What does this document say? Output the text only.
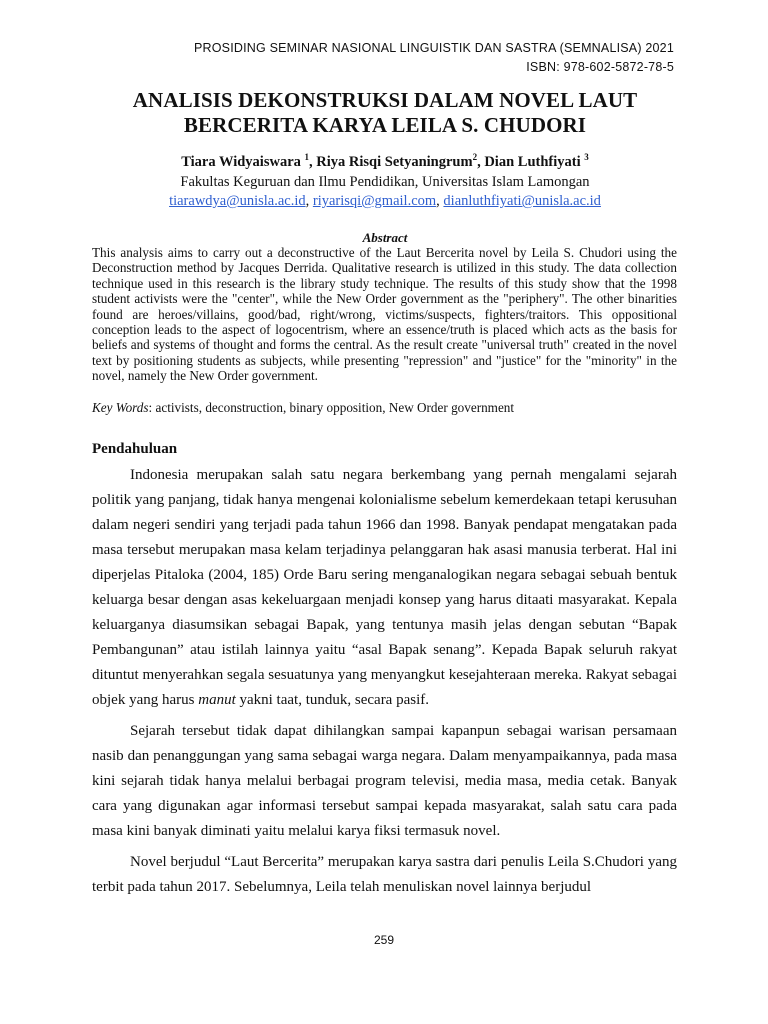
PROSIDING SEMINAR NASIONAL LINGUISTIK DAN SASTRA (SEMNALISA) 2021
ISBN: 978-602-5872-78-5
ANALISIS DEKONSTRUKSI DALAM NOVEL LAUT
BERCERITA KARYA LEILA S. CHUDORI
Tiara Widyaiswara $^1$, Riya Risqi Setyaningrum$^2$, Dian Luthfiyati $^3$
Fakultas Keguruan dan Ilmu Pendidikan, Universitas Islam Lamongan
tiarawdya@unisla.ac.id, riyarisqi@gmail.com, dianluthfiyati@unisla.ac.id
Abstract
This analysis aims to carry out a deconstructive of the Laut Bercerita novel by Leila S. Chudori using the Deconstruction method by Jacques Derrida. Qualitative research is utilized in this study. The data collection technique used in this research is the library study technique. The results of this study show that the 1998 student activists were the "center", while the New Order government as the "periphery". The other binarities found are heroes/villains, good/bad, right/wrong, victims/suspects, fighters/traitors. This oppositional conception leads to the aspect of logocentrism, where an essence/truth is placed which acts as the basis for beliefs and systems of thought and forms the central. As the result create "universal truth" created in the novel text by positioning students as subjects, while presenting "repression" and "justice" for the "minority" in the novel, namely the New Order government.
Key Words: activists, deconstruction, binary opposition, New Order government
Pendahuluan

Indonesia merupakan salah satu negara berkembang yang pernah mengalami sejarah politik yang panjang, tidak hanya mengenai kolonialisme sebelum kemerdekaan tetapi kerusuhan dalam negeri sendiri yang terjadi pada tahun 1966 dan 1998. Banyak pendapat mengatakan pada masa tersebut merupakan masa kelam terjadinya pelanggaran hak asasi manusia terberat. Hal ini diperjelas Pitaloka (2004, 185) Orde Baru sering menganalogikan negara sebagai sebuah bentuk keluarga besar dengan asas kekeluargaan menjadi konsep yang harus ditaati masyarakat. Kepala keluarganya diasumsikan sebagai Bapak, yang tentunya masih jelas dengan sebutan “Bapak Pembangunan” atau istilah lainnya yaitu “asal Bapak senang”. Kepada Bapak seluruh rakyat dituntut menyerahkan segala sesuatunya yang menyangkut kesejahteraan mereka. Rakyat sebagai objek yang harus manut yakni taat, tunduk, secara pasif.

Sejarah tersebut tidak dapat dihilangkan sampai kapanpun sebagai warisan persamaan nasib dan penanggungan yang sama sebagai warga negara. Dalam menyampaikannya, pada masa kini sejarah tidak hanya melalui berbagai program televisi, media masa, media cetak. Banyak cara yang digunakan agar informasi tersebut sampai kepada masyarakat, salah satu cara pada masa kini banyak diminati yaitu melalui karya fiksi termasuk novel.

Novel berjudul “Laut Bercerita” merupakan karya sastra dari penulis Leila S.Chudori yang terbit pada tahun 2017. Sebelumnya, Leila telah menuliskan novel lainnya berjudul

259
